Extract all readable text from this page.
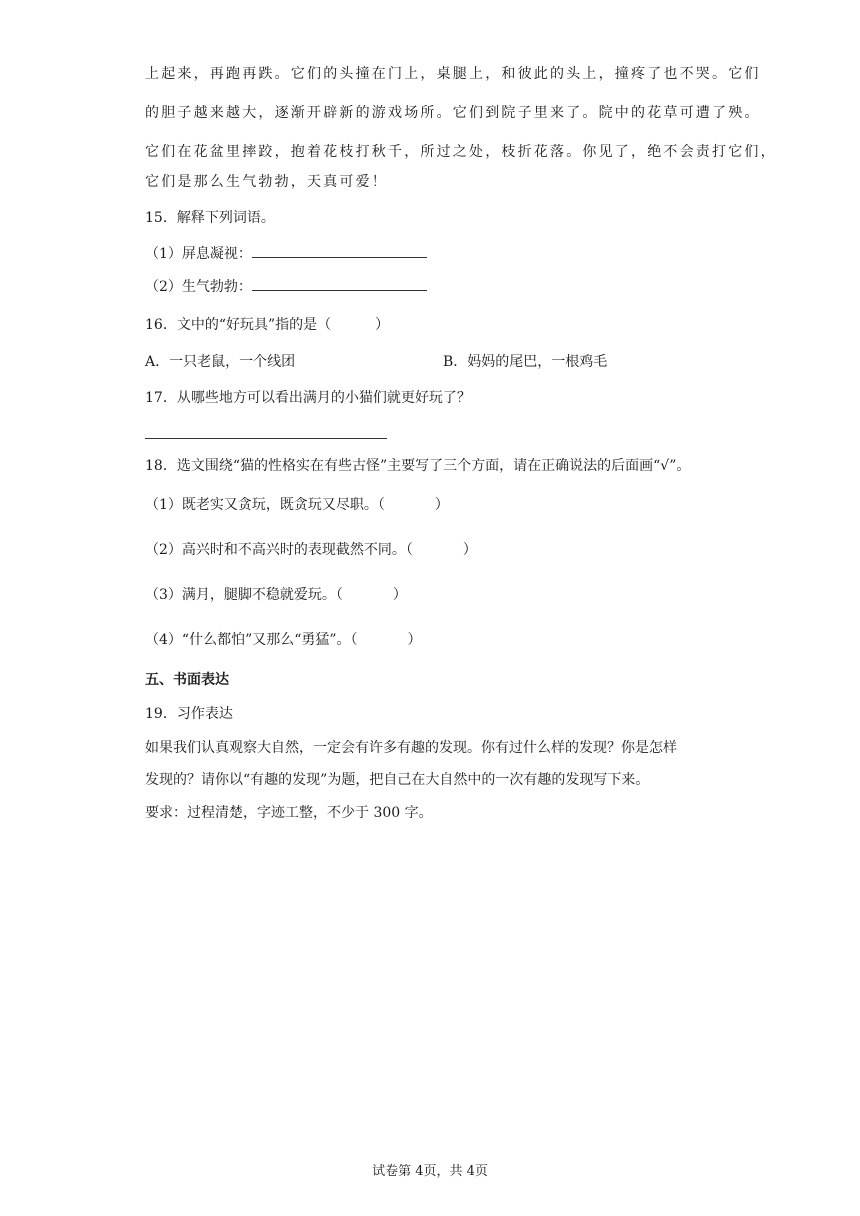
上起来，再跑再跌。它们的头撞在门上，桌腿上，和彼此的头上，撞疼了也不哭。它们
的胆子越来越大，逐渐开辟新的游戏场所。它们到院子里来了。院中的花草可遭了殃。
它们在花盆里摔跤，抱着花枝打秋千，所过之处，枝折花落。你见了，绝不会责打它们，
它们是那么生气勃勃，天真可爱！
15．解释下列词语。
（1）屏息凝视：
（2）生气勃勃：
16．文中的“好玩具”指的是（	）
A．一只老鼠，一个线团	B．妈妈的尾巴，一根鸡毛
17．从哪些地方可以看出满月的小猫们就更好玩了？
18．选文围绕“猫的性格实在有些古怪”主要写了三个方面，请在正确说法的后面画“√”。
（1）既老实又贪玩，既贪玩又尽职。（	）
（2）高兴时和不高兴时的表现截然不同。（	）
（3）满月，腿脚不稳就爱玩。（	）
（4）“什么都怕”又那么“勇猛”。（	）
五、书面表达
19．习作表达
如果我们认真观察大自然，一定会有许多有趣的发现。你有过什么样的发现？你是怎样
发现的？请你以“有趣的发现”为题，把自己在大自然中的一次有趣的发现写下来。
要求：过程清楚，字迹工整，不少于 300 字。
试卷第 4页，共 4页
